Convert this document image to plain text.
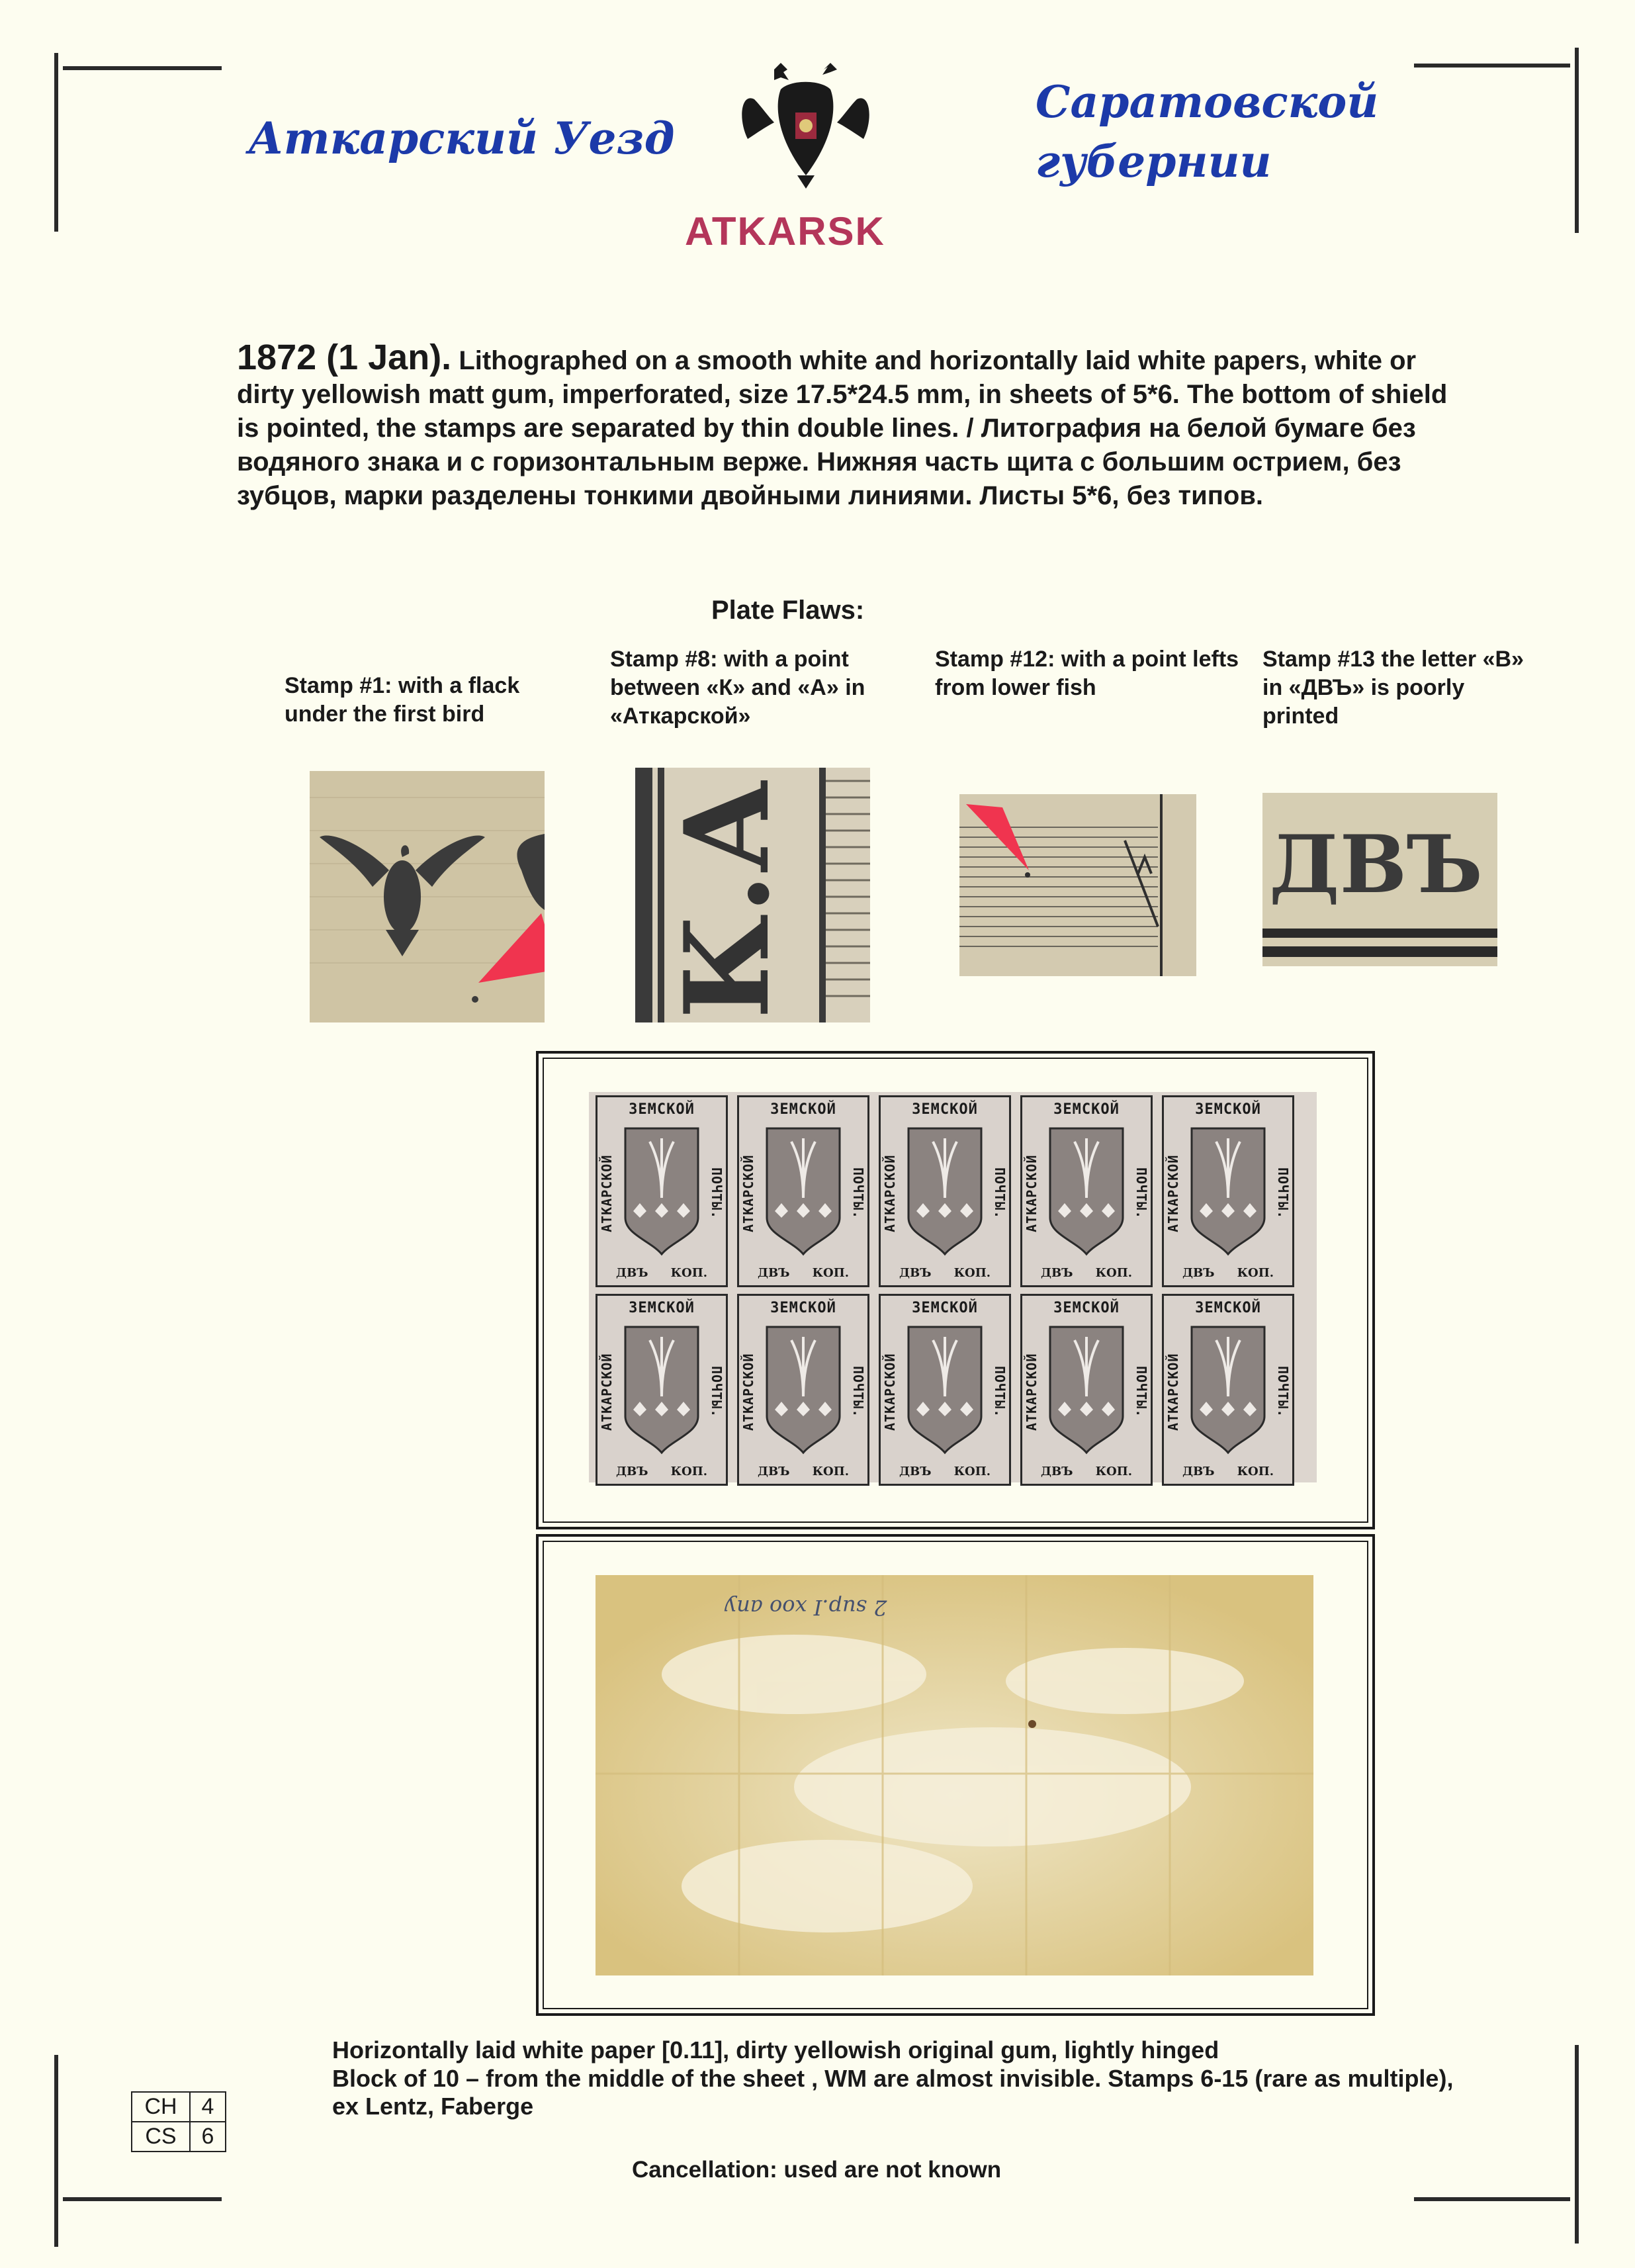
Аткарский Уезд
ATKARSK
Саратовской
губернии
1872 (1 Jan). Lithographed on a smooth white and horizontally laid white papers, white or dirty yellowish matt gum, imperforated, size 17.5*24.5 mm, in sheets of 5*6. The bottom of shield is pointed, the stamps are separated by thin double lines. / Литография на белой бумаге без водяного знака и с горизонтальным верже. Нижняя часть щита с большим острием, без зубцов, марки разделены тонкими двойными линиями. Листы 5*6, без типов.
Plate Flaws:
Stamp #1: with a flack under the first bird
Stamp #8: with a point between «К» and «А» in «Аткарской»
Stamp #12: with a point lefts from lower fish
Stamp #13 the letter «В» in «ДВЪ» is poorly printed
К.А	ДВЪ
ЗЕМСКОЙ
АТКАРСКОЙ	ПОЧТЫ.
ДВЪ КОП.
ЗЕМСКОЙ
АТКАРСКОЙ	ПОЧТЫ.
ДВЪ КОП.
ЗЕМСКОЙ
АТКАРСКОЙ	ПОЧТЫ.
ДВЪ КОП.
ЗЕМСКОЙ
АТКАРСКОЙ	ПОЧТЫ.
ДВЪ КОП.
ЗЕМСКОЙ
АТКАРСКОЙ	ПОЧТЫ.
ДВЪ КОП.
ЗЕМСКОЙ
АТКАРСКОЙ	ПОЧТЫ.
ДВЪ КОП.
ЗЕМСКОЙ
АТКАРСКОЙ	ПОЧТЫ.
ДВЪ КОП.
ЗЕМСКОЙ
АТКАРСКОЙ	ПОЧТЫ.
ДВЪ КОП.
ЗЕМСКОЙ
АТКАРСКОЙ	ПОЧТЫ.
ДВЪ КОП.
ЗЕМСКОЙ
АТКАРСКОЙ	ПОЧТЫ.
ДВЪ КОП.
2 sup.I xoo any
Horizontally laid white paper [0.11], dirty yellowish original gum, lightly hinged
Block of 10 – from the middle of the sheet , WM are almost invisible. Stamps 6-15 (rare as multiple), ex Lentz, Faberge
CH	4
CS	6
Cancellation: used are not known
